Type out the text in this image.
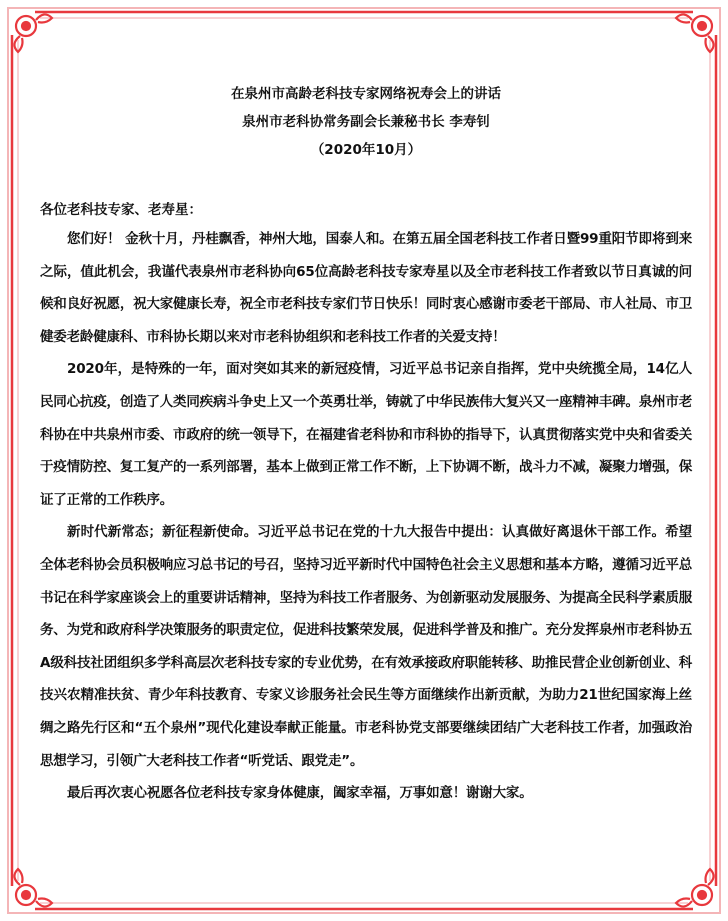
在泉州市高龄老科技专家网络祝寿会上的讲话
泉州市老科协常务副会长兼秘书长 李寿钊
（2020年10月）
各位老科技专家、老寿星：

您们好！ 金秋十月，丹桂飘香，神州大地，国泰人和。在第五届全国老科技工作者日暨99重阳节即将到来之际，值此机会，我谨代表泉州市老科协向65位高龄老科技专家寿星以及全市老科技工作者致以节日真诚的问候和良好祝愿，祝大家健康长寿，祝全市老科技专家们节日快乐！同时衷心感谢市委老干部局、市人社局、市卫健委老龄健康科、市科协长期以来对市老科协组织和老科技工作者的关爱支持！

2020年，是特殊的一年，面对突如其来的新冠疫情，习近平总书记亲自指挥，党中央统揽全局，14亿人民同心抗疫，创造了人类同疾病斗争史上又一个英勇壮举，铸就了中华民族伟大复兴又一座精神丰碑。泉州市老科协在中共泉州市委、市政府的统一领导下，在福建省老科协和市科协的指导下，认真贯彻落实党中央和省委关于疫情防控、复工复产的一系列部署，基本上做到正常工作不断，上下协调不断，战斗力不减，凝聚力增强，保证了正常的工作秩序。

新时代新常态；新征程新使命。习近平总书记在党的十九大报告中提出：认真做好离退休干部工作。希望全体老科协会员积极响应习总书记的号召，坚持习近平新时代中国特色社会主义思想和基本方略，遵循习近平总书记在科学家座谈会上的重要讲话精神，坚持为科技工作者服务、为创新驱动发展服务、为提高全民科学素质服务、为党和政府科学决策服务的职责定位，促进科技繁荣发展，促进科学普及和推广。充分发挥泉州市老科协五A级科技社团组织多学科高层次老科技专家的专业优势，在有效承接政府职能转移、助推民营企业创新创业、科技兴农精准扶贫、青少年科技教育、专家义诊服务社会民生等方面继续作出新贡献，为助力21世纪国家海上丝绸之路先行区和“五个泉州”现代化建设奉献正能量。市老科协党支部要继续团结广大老科技工作者，加强政治思想学习，引领广大老科技工作者“听党话、跟党走”。

最后再次衷心祝愿各位老科技专家身体健康，阖家幸福，万事如意！谢谢大家。
